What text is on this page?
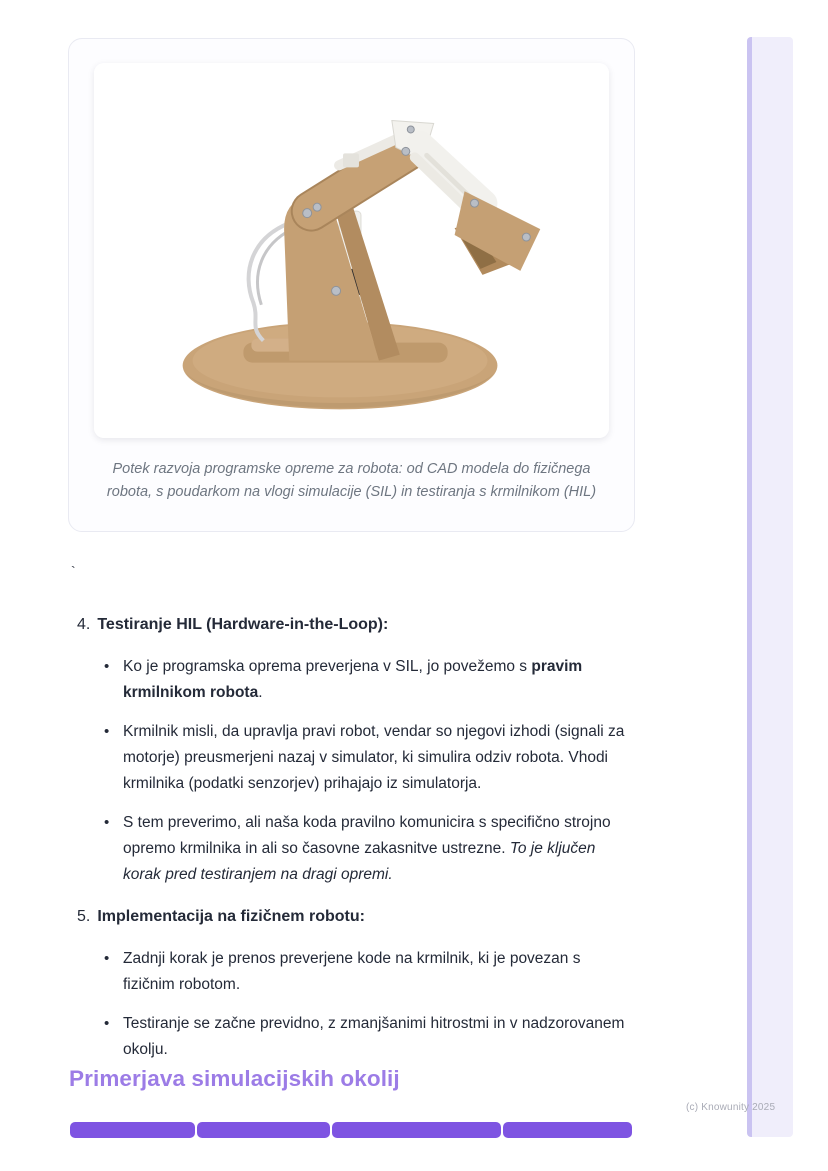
Potek razvoja programske opreme za robota: od CAD modela do fizičnega robota, s poudarkom na vlogi simulacije (SIL) in testiranja s krmilnikom (HIL)
`
4. Testiranje HIL (Hardware-in-the-Loop):
• Ko je programska oprema preverjena v SIL, jo povežemo s pravim krmilnikom robota.
• Krmilnik misli, da upravlja pravi robot, vendar so njegovi izhodi (signali za motorje) preusmerjeni nazaj v simulator, ki simulira odziv robota. Vhodi krmilnika (podatki senzorjev) prihajajo iz simulatorja.
• S tem preverimo, ali naša koda pravilno komunicira s specifično strojno opremo krmilnika in ali so časovne zakasnitve ustrezne. To je ključen korak pred testiranjem na dragi opremi.
5. Implementacija na fizičnem robotu:
• Zadnji korak je prenos preverjene kode na krmilnik, ki je povezan s fizičnim robotom.
• Testiranje se začne previdno, z zmanjšanimi hitrostmi in v nadzorovanem okolju.
Primerjava simulacijskih okolij
(c) Knowunity 2025
